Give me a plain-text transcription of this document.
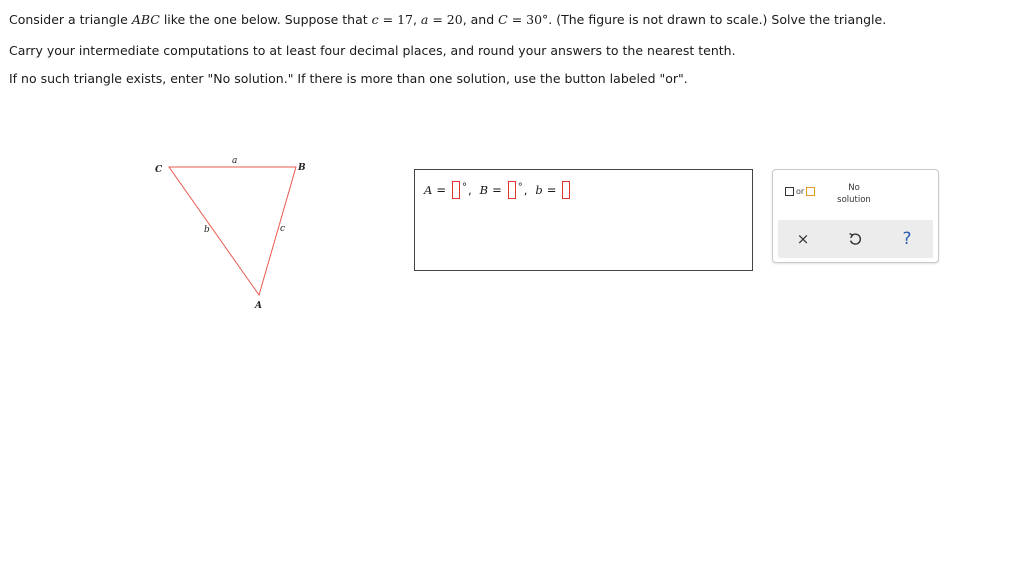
Consider a triangle ABC like the one below. Suppose that c = 17, a = 20, and C = 30°. (The figure is not drawn to scale.) Solve the triangle.
Carry your intermediate computations to at least four decimal places, and round your answers to the nearest tenth.
If no such triangle exists, enter "No solution." If there is more than one solution, use the button labeled "or".
C	B
A
a
b	c
A = ° , B = ° , b =	or	No
solution
×	?
